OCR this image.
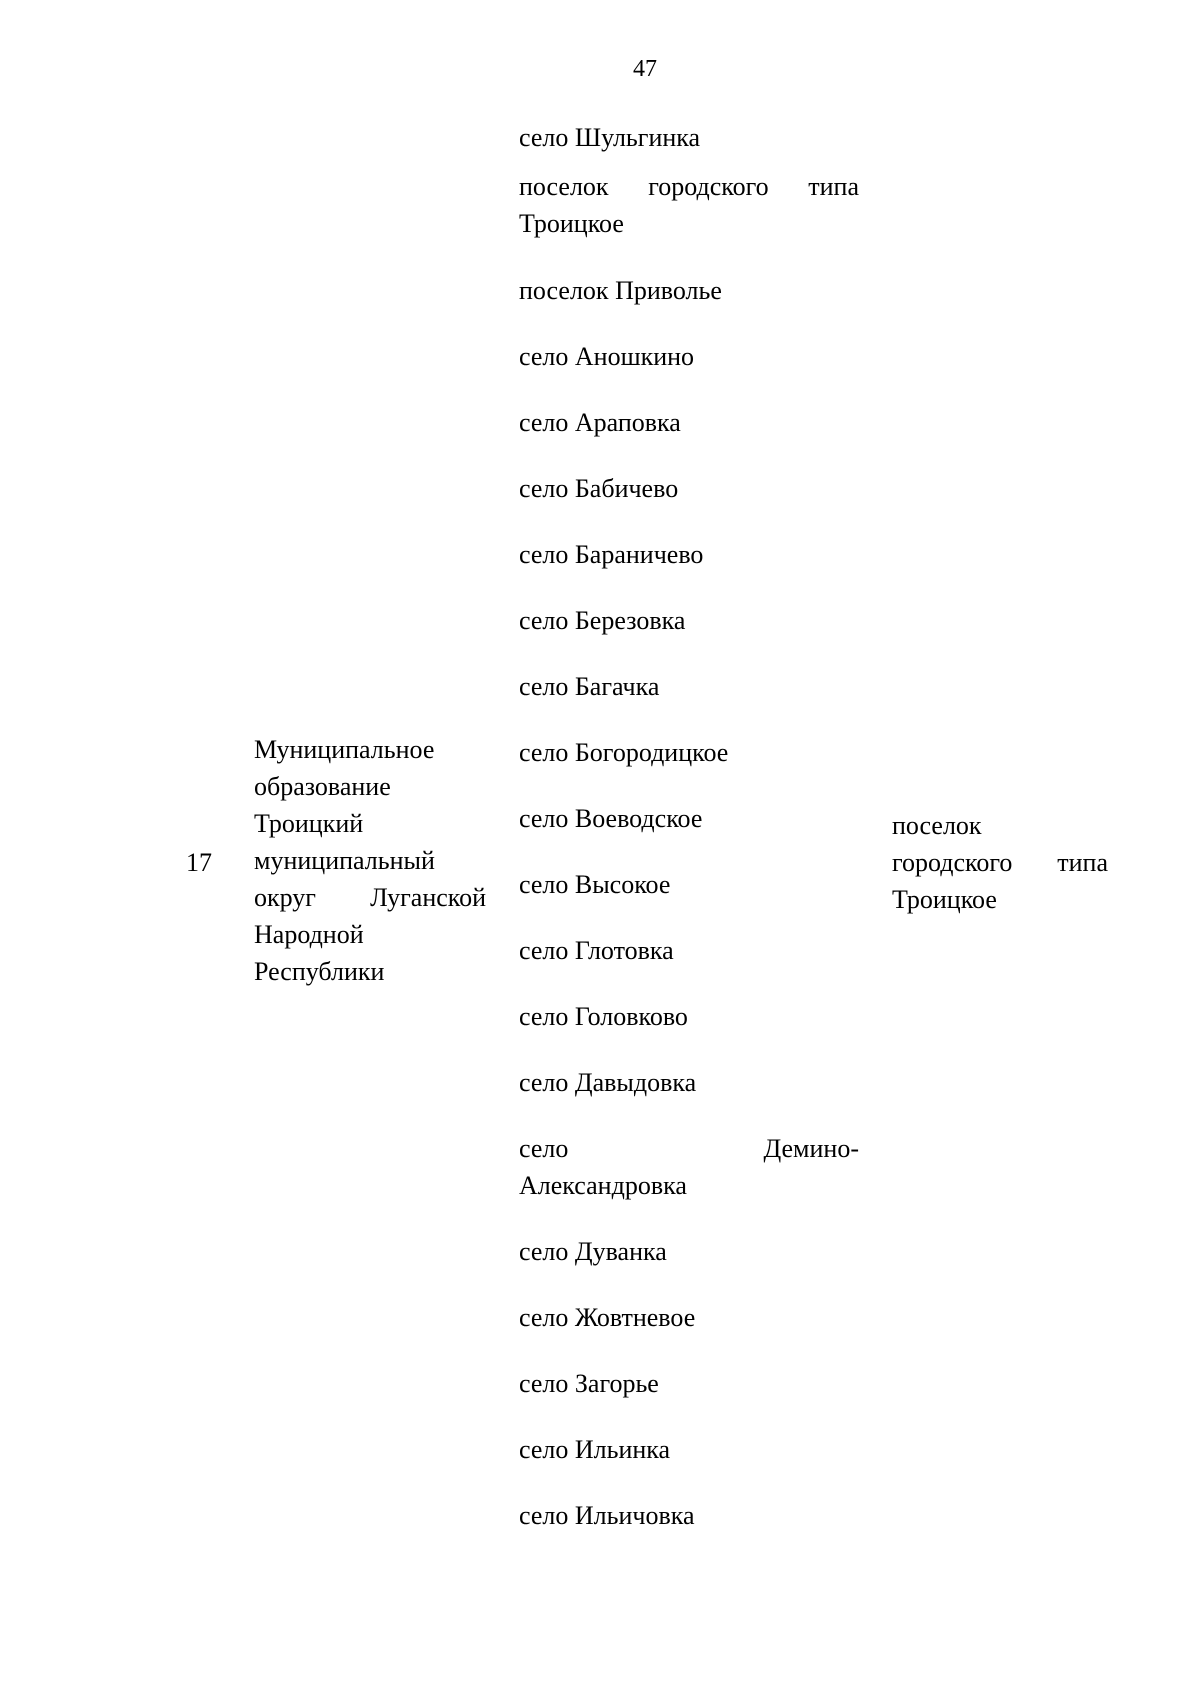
47
17
Муниципальное
образование
Троицкий
муниципальный
округ Луганской
Народной
Республики
село Шульгинка
поселок городского типа
Троицкое
поселок Приволье
село Аношкино
село Араповка
село Бабичево
село Бараничево
село Березовка
село Багачка
село Богородицкое
село Воеводское
село Высокое
село Глотовка
село Головково
село Давыдовка
село Демино-
Александровка
село Дуванка
село Жовтневое
село Загорье
село Ильинка
село Ильичовка
поселок
городского типа
Троицкое
